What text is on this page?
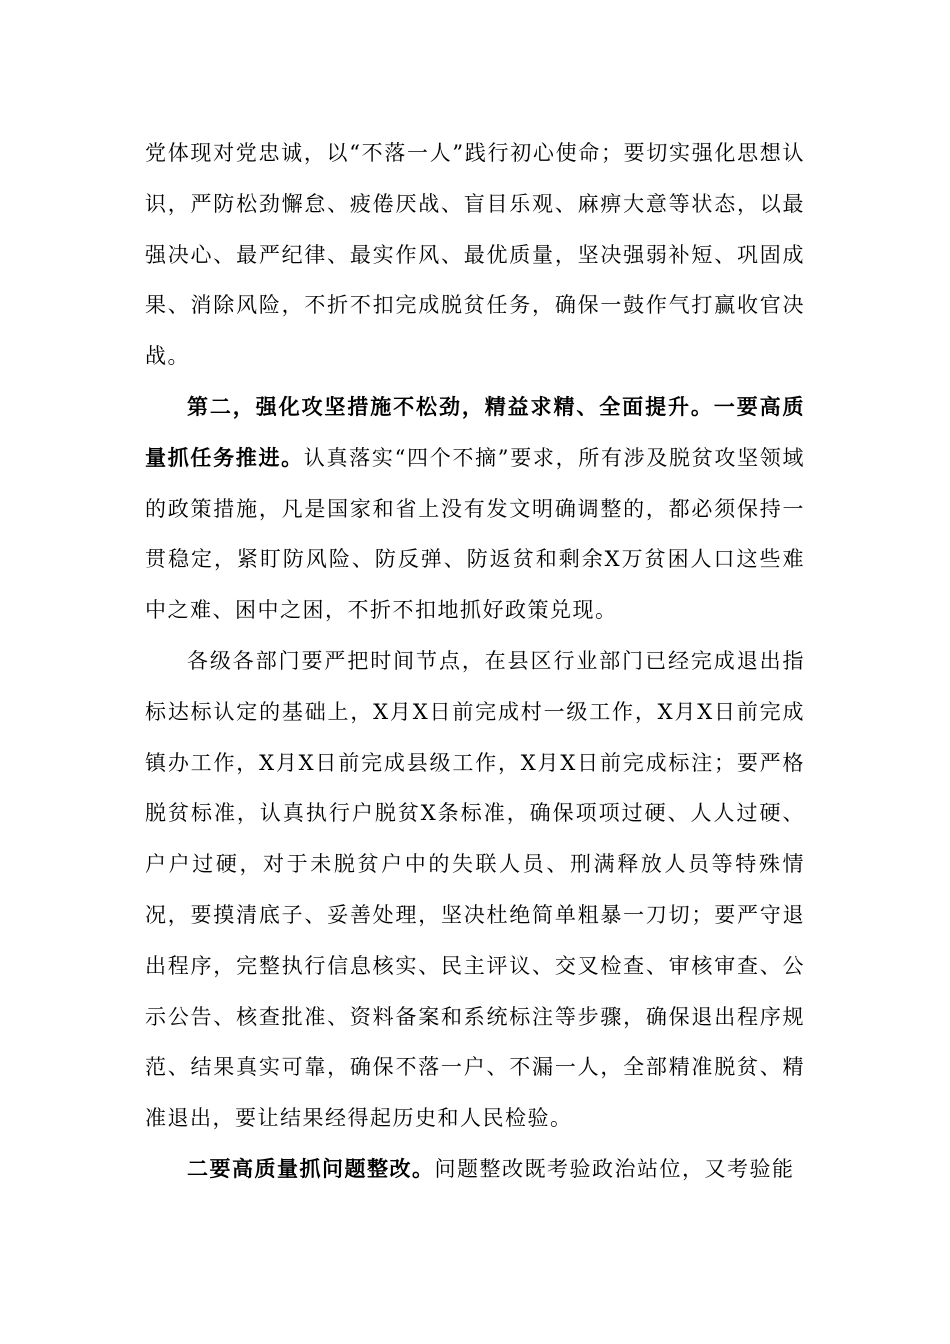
党体现对党忠诚，以“不落一人”践行初心使命；要切实强化思想认识，严防松劲懈怠、疲倦厌战、盲目乐观、麻痹大意等状态，以最强决心、最严纪律、最实作风、最优质量，坚决强弱补短、巩固成果、消除风险，不折不扣完成脱贫任务，确保一鼓作气打赢收官决战。

第二，强化攻坚措施不松劲，精益求精、全面提升。一要高质量抓任务推进。认真落实“四个不摘”要求，所有涉及脱贫攻坚领域的政策措施，凡是国家和省上没有发文明确调整的，都必须保持一贯稳定，紧盯防风险、防反弹、防返贫和剩余X万贫困人口这些难中之难、困中之困，不折不扣地抓好政策兑现。

各级各部门要严把时间节点，在县区行业部门已经完成退出指标达标认定的基础上，X月X日前完成村一级工作，X月X日前完成镇办工作，X月X日前完成县级工作，X月X日前完成标注；要严格脱贫标准，认真执行户脱贫X条标准，确保项项过硬、人人过硬、户户过硬，对于未脱贫户中的失联人员、刑满释放人员等特殊情况，要摸清底子、妥善处理，坚决杜绝简单粗暴一刀切；要严守退出程序，完整执行信息核实、民主评议、交叉检查、审核审查、公示公告、核查批准、资料备案和系统标注等步骤，确保退出程序规范、结果真实可靠，确保不落一户、不漏一人，全部精准脱贫、精准退出，要让结果经得起历史和人民检验。

二要高质量抓问题整改。问题整改既考验政治站位，又考验能
